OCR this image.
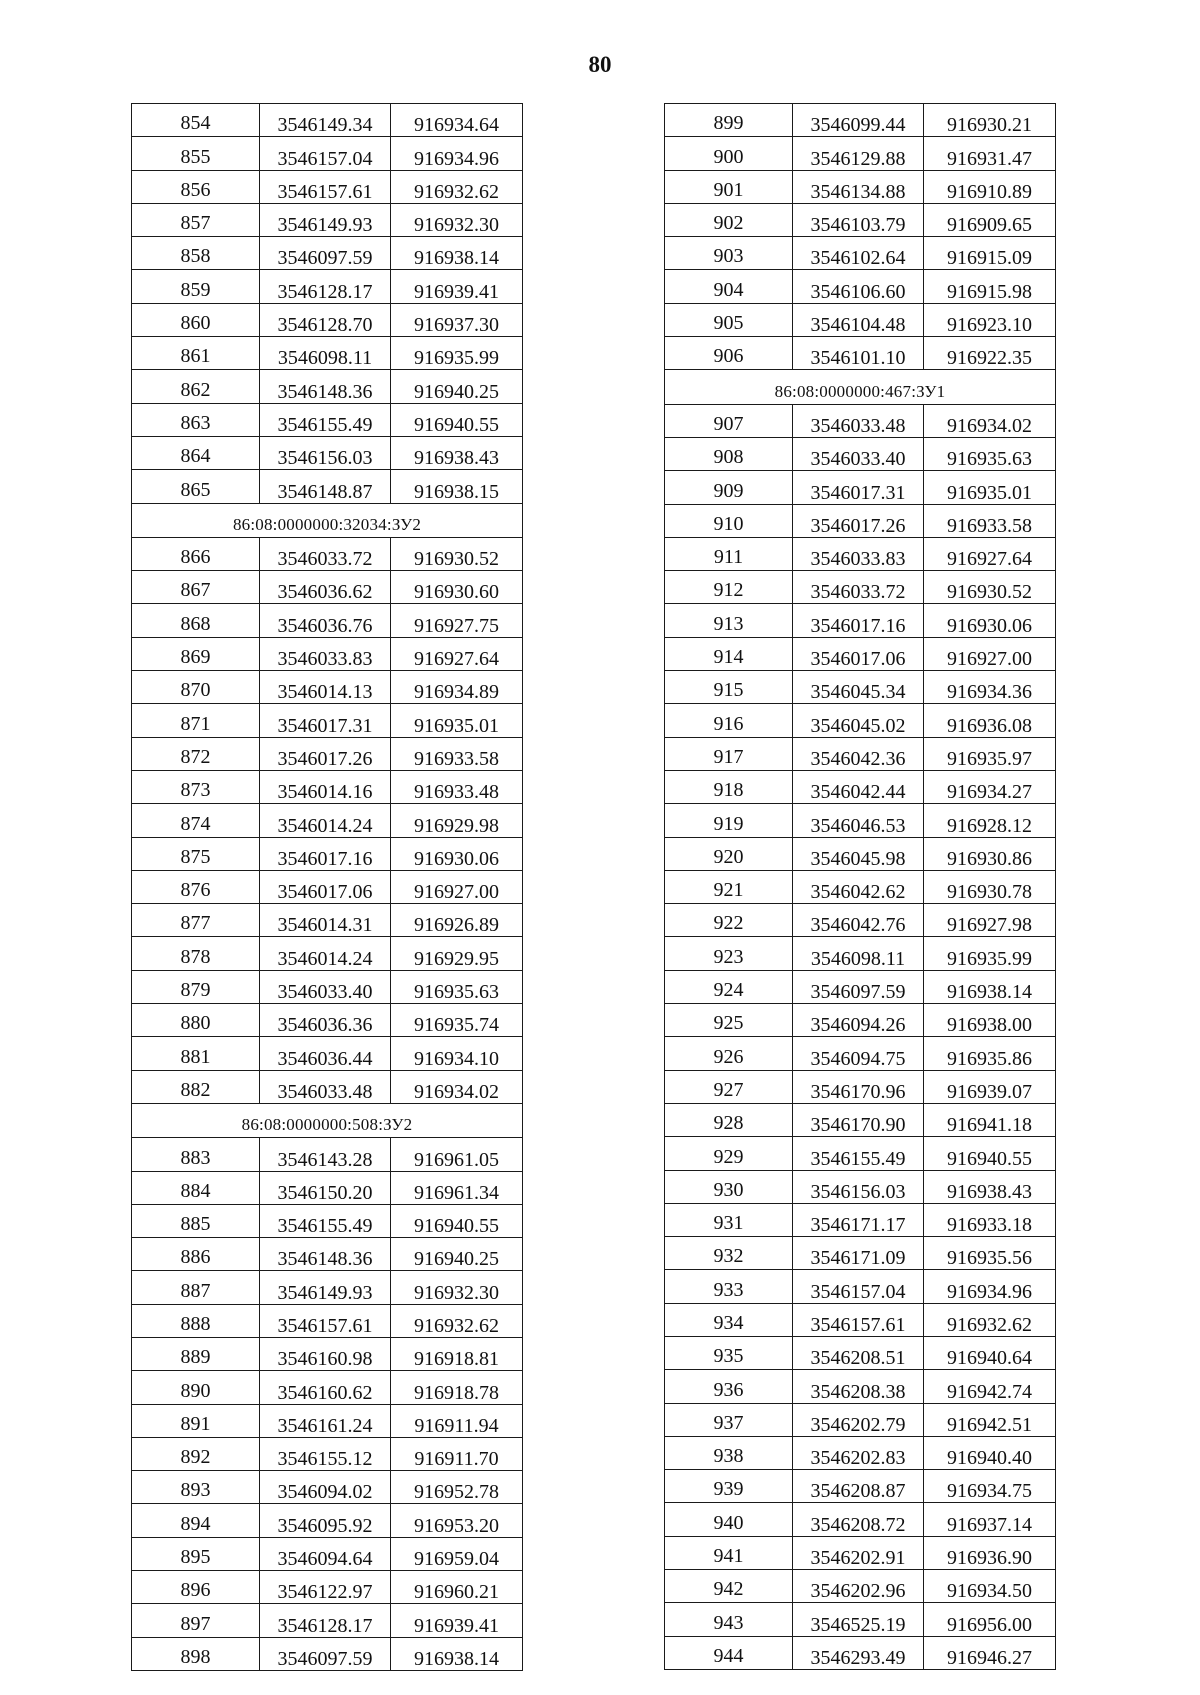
80
854	3546149.34	916934.64
855	3546157.04	916934.96
856	3546157.61	916932.62
857	3546149.93	916932.30
858	3546097.59	916938.14
859	3546128.17	916939.41
860	3546128.70	916937.30
861	3546098.11	916935.99
862	3546148.36	916940.25
863	3546155.49	916940.55
864	3546156.03	916938.43
865	3546148.87	916938.15
86:08:0000000:32034:ЗУ2		
866	3546033.72	916930.52
867	3546036.62	916930.60
868	3546036.76	916927.75
869	3546033.83	916927.64
870	3546014.13	916934.89
871	3546017.31	916935.01
872	3546017.26	916933.58
873	3546014.16	916933.48
874	3546014.24	916929.98
875	3546017.16	916930.06
876	3546017.06	916927.00
877	3546014.31	916926.89
878	3546014.24	916929.95
879	3546033.40	916935.63
880	3546036.36	916935.74
881	3546036.44	916934.10
882	3546033.48	916934.02
86:08:0000000:508:ЗУ2		
883	3546143.28	916961.05
884	3546150.20	916961.34
885	3546155.49	916940.55
886	3546148.36	916940.25
887	3546149.93	916932.30
888	3546157.61	916932.62
889	3546160.98	916918.81
890	3546160.62	916918.78
891	3546161.24	916911.94
892	3546155.12	916911.70
893	3546094.02	916952.78
894	3546095.92	916953.20
895	3546094.64	916959.04
896	3546122.97	916960.21
897	3546128.17	916939.41
898	3546097.59	916938.14
899	3546099.44	916930.21
900	3546129.88	916931.47
901	3546134.88	916910.89
902	3546103.79	916909.65
903	3546102.64	916915.09
904	3546106.60	916915.98
905	3546104.48	916923.10
906	3546101.10	916922.35
86:08:0000000:467:ЗУ1		
907	3546033.48	916934.02
908	3546033.40	916935.63
909	3546017.31	916935.01
910	3546017.26	916933.58
911	3546033.83	916927.64
912	3546033.72	916930.52
913	3546017.16	916930.06
914	3546017.06	916927.00
915	3546045.34	916934.36
916	3546045.02	916936.08
917	3546042.36	916935.97
918	3546042.44	916934.27
919	3546046.53	916928.12
920	3546045.98	916930.86
921	3546042.62	916930.78
922	3546042.76	916927.98
923	3546098.11	916935.99
924	3546097.59	916938.14
925	3546094.26	916938.00
926	3546094.75	916935.86
927	3546170.96	916939.07
928	3546170.90	916941.18
929	3546155.49	916940.55
930	3546156.03	916938.43
931	3546171.17	916933.18
932	3546171.09	916935.56
933	3546157.04	916934.96
934	3546157.61	916932.62
935	3546208.51	916940.64
936	3546208.38	916942.74
937	3546202.79	916942.51
938	3546202.83	916940.40
939	3546208.87	916934.75
940	3546208.72	916937.14
941	3546202.91	916936.90
942	3546202.96	916934.50
943	3546525.19	916956.00
944	3546293.49	916946.27
